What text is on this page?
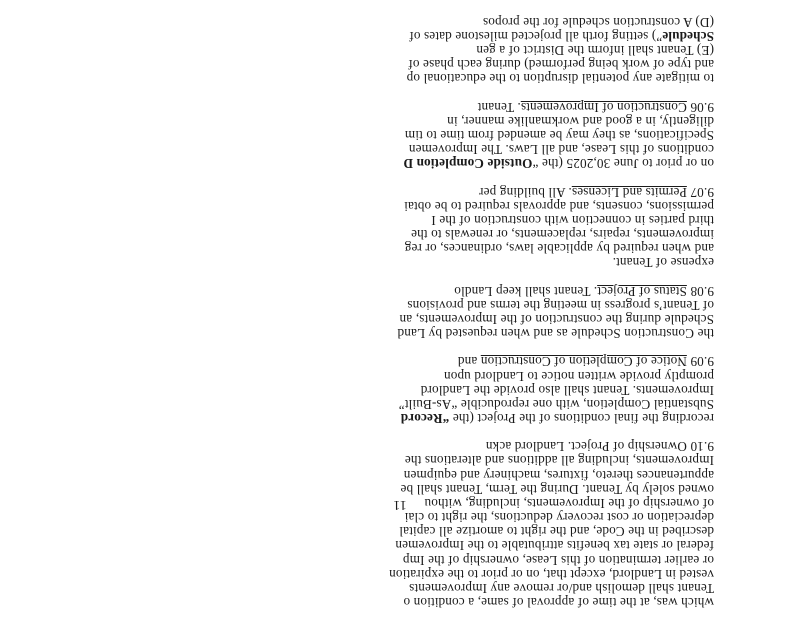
11
which was, at the time of approval of same, a condition o
Tenant shall demolish and/or remove any Improvements
vested in Landlord, except that, on or prior to the expiration
or earlier termination of this Lease, ownership of the Imp
federal or state tax benefits attributable to the Improvemen
described in the Code, and the right to amortize all capital
depreciation or cost recovery deductions, the right to clai
of ownership of the Improvements, including, withou
owned solely by Tenant. During the Term, Tenant shall be
appurtenances thereto, fixtures, machinery and equipmen
Improvements, including all additions and alterations the
9.10 Ownership of Project. Landlord ackn
recording the final conditions of the Project (the “Record
Substantial Completion, with one reproducible “As-Built”
Improvements. Tenant shall also provide the Landlord
promptly provide written notice to Landlord upon
9.09 Notice of Completion of Construction and
the Construction Schedule as and when requested by Land
Schedule during the construction of the Improvements, an
of Tenant’s progress in meeting the terms and provisions
9.08 Status of Project. Tenant shall keep Landlo
expense of Tenant.
and when required by applicable laws, ordinances, or reg
improvements, repairs, replacements, or renewals to the
third parties in connection with construction of the I
permissions, consents, and approvals required to be obtai
9.07 Permits and Licenses. All building per
on or prior to June 30,2025 (the “Outside Completion D
conditions of this Lease, and all Laws. The Improvemen
Specifications, as they may be amended from time to tim
diligently, in a good and workmanlike manner, in
9.06 Construction of Improvements. Tenant
to mitigate any potential disruption to the educational op
and type of work being performed) during each phase of
(E) Tenant shall inform the District of a gen
Schedule”) setting forth all projected milestone dates of
(D) A construction schedule for the propos
